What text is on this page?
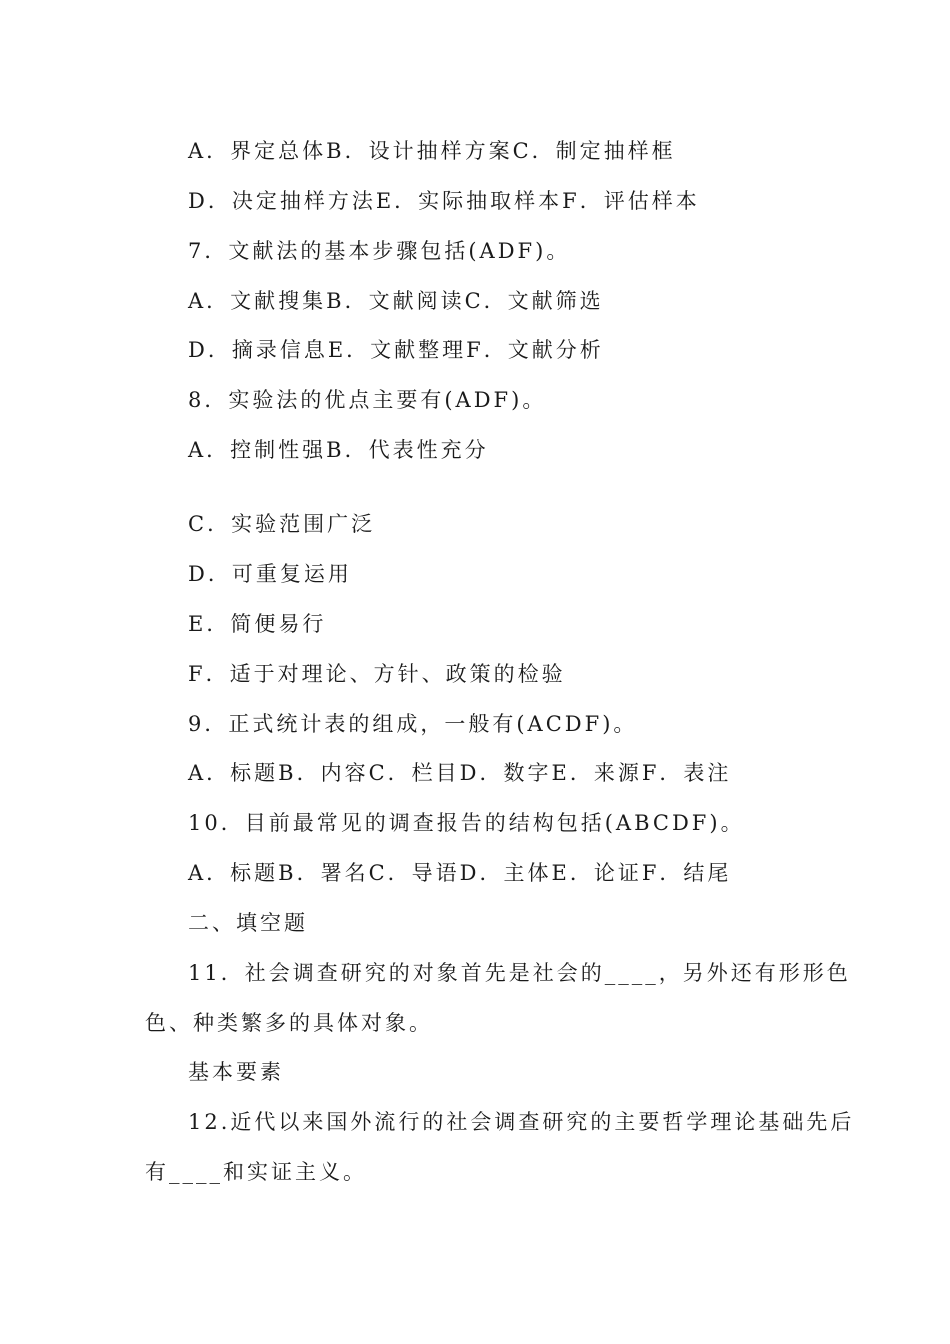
A．界定总体B．设计抽样方案C．制定抽样框
D．决定抽样方法E．实际抽取样本F．评估样本
7．文献法的基本步骤包括(ADF)。
A．文献搜集B．文献阅读C．文献筛选
D．摘录信息E．文献整理F．文献分析
8．实验法的优点主要有(ADF)。
A．控制性强B．代表性充分
C．实验范围广泛
D．可重复运用
E．简便易行
F．适于对理论、方针、政策的检验
9．正式统计表的组成，一般有(ACDF)。
A．标题B．内容C．栏目D．数字E．来源F．表注
10．目前最常见的调查报告的结构包括(ABCDF)。
A．标题B．署名C．导语D．主体E．论证F．结尾
二、填空题
11．社会调查研究的对象首先是社会的____，另外还有形形色
色、种类繁多的具体对象。
基本要素
12.近代以来国外流行的社会调查研究的主要哲学理论基础先后
有____和实证主义。
